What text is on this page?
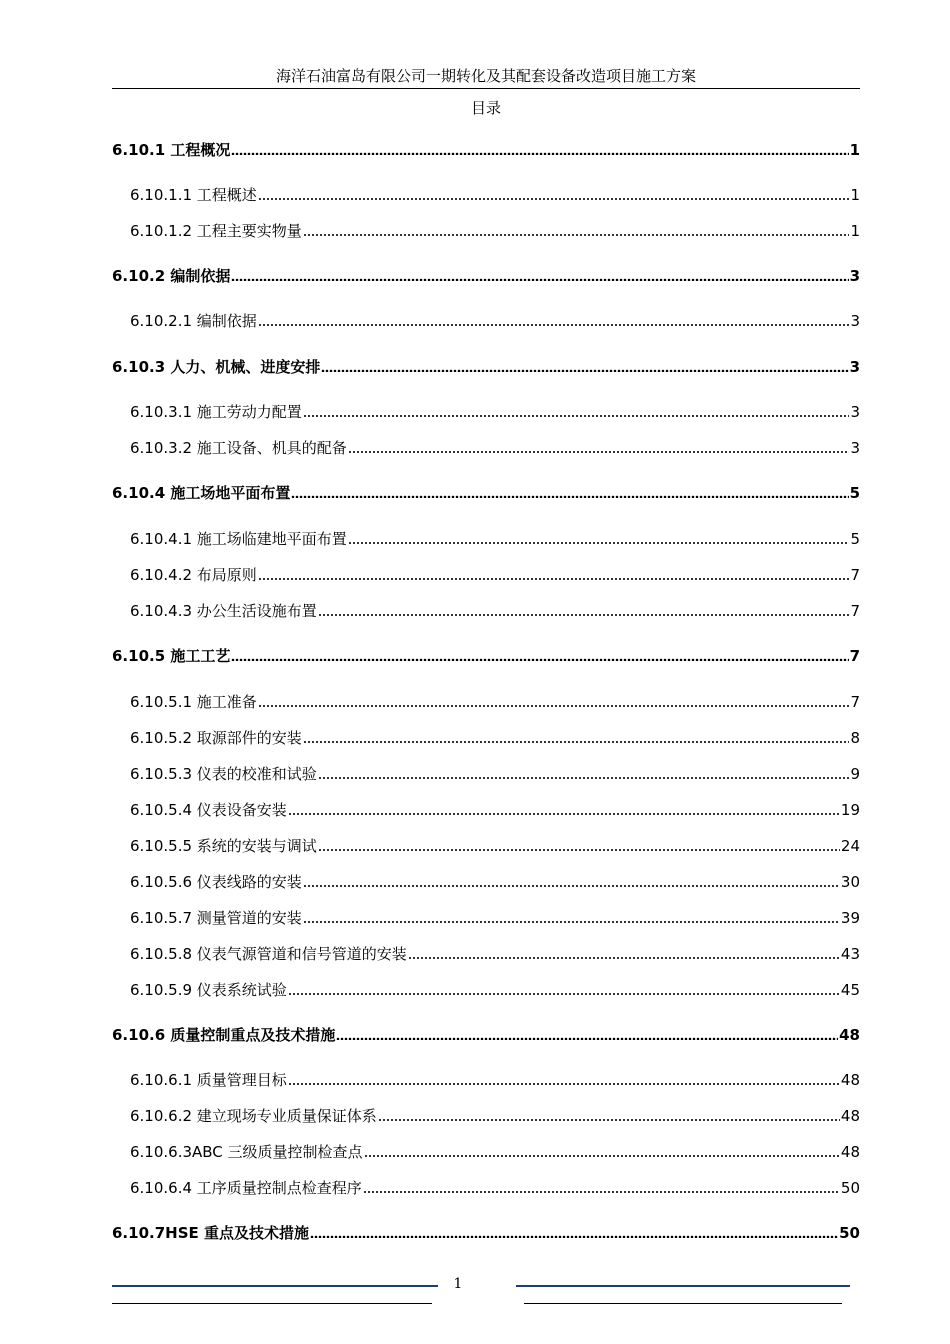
海洋石油富岛有限公司一期转化及其配套设备改造项目施工方案
目录
6.10.1 工程概况	1
6.10.1.1 工程概述	1
6.10.1.2 工程主要实物量	1
6.10.2 编制依据	3
6.10.2.1 编制依据	3
6.10.3 人力、机械、进度安排	3
6.10.3.1 施工劳动力配置	3
6.10.3.2 施工设备、机具的配备	3
6.10.4 施工场地平面布置	5
6.10.4.1 施工场临建地平面布置	5
6.10.4.2 布局原则	7
6.10.4.3 办公生活设施布置	7
6.10.5 施工工艺	7
6.10.5.1 施工准备	7
6.10.5.2 取源部件的安装	8
6.10.5.3 仪表的校准和试验	9
6.10.5.4 仪表设备安装	19
6.10.5.5 系统的安装与调试	24
6.10.5.6 仪表线路的安装	30
6.10.5.7 测量管道的安装	39
6.10.5.8 仪表气源管道和信号管道的安装	43
6.10.5.9 仪表系统试验	45
6.10.6 质量控制重点及技术措施	48
6.10.6.1 质量管理目标	48
6.10.6.2 建立现场专业质量保证体系	48
6.10.6.3ABC 三级质量控制检查点	48
6.10.6.4 工序质量控制点检查程序	50
6.10.7HSE 重点及技术措施	50
1
